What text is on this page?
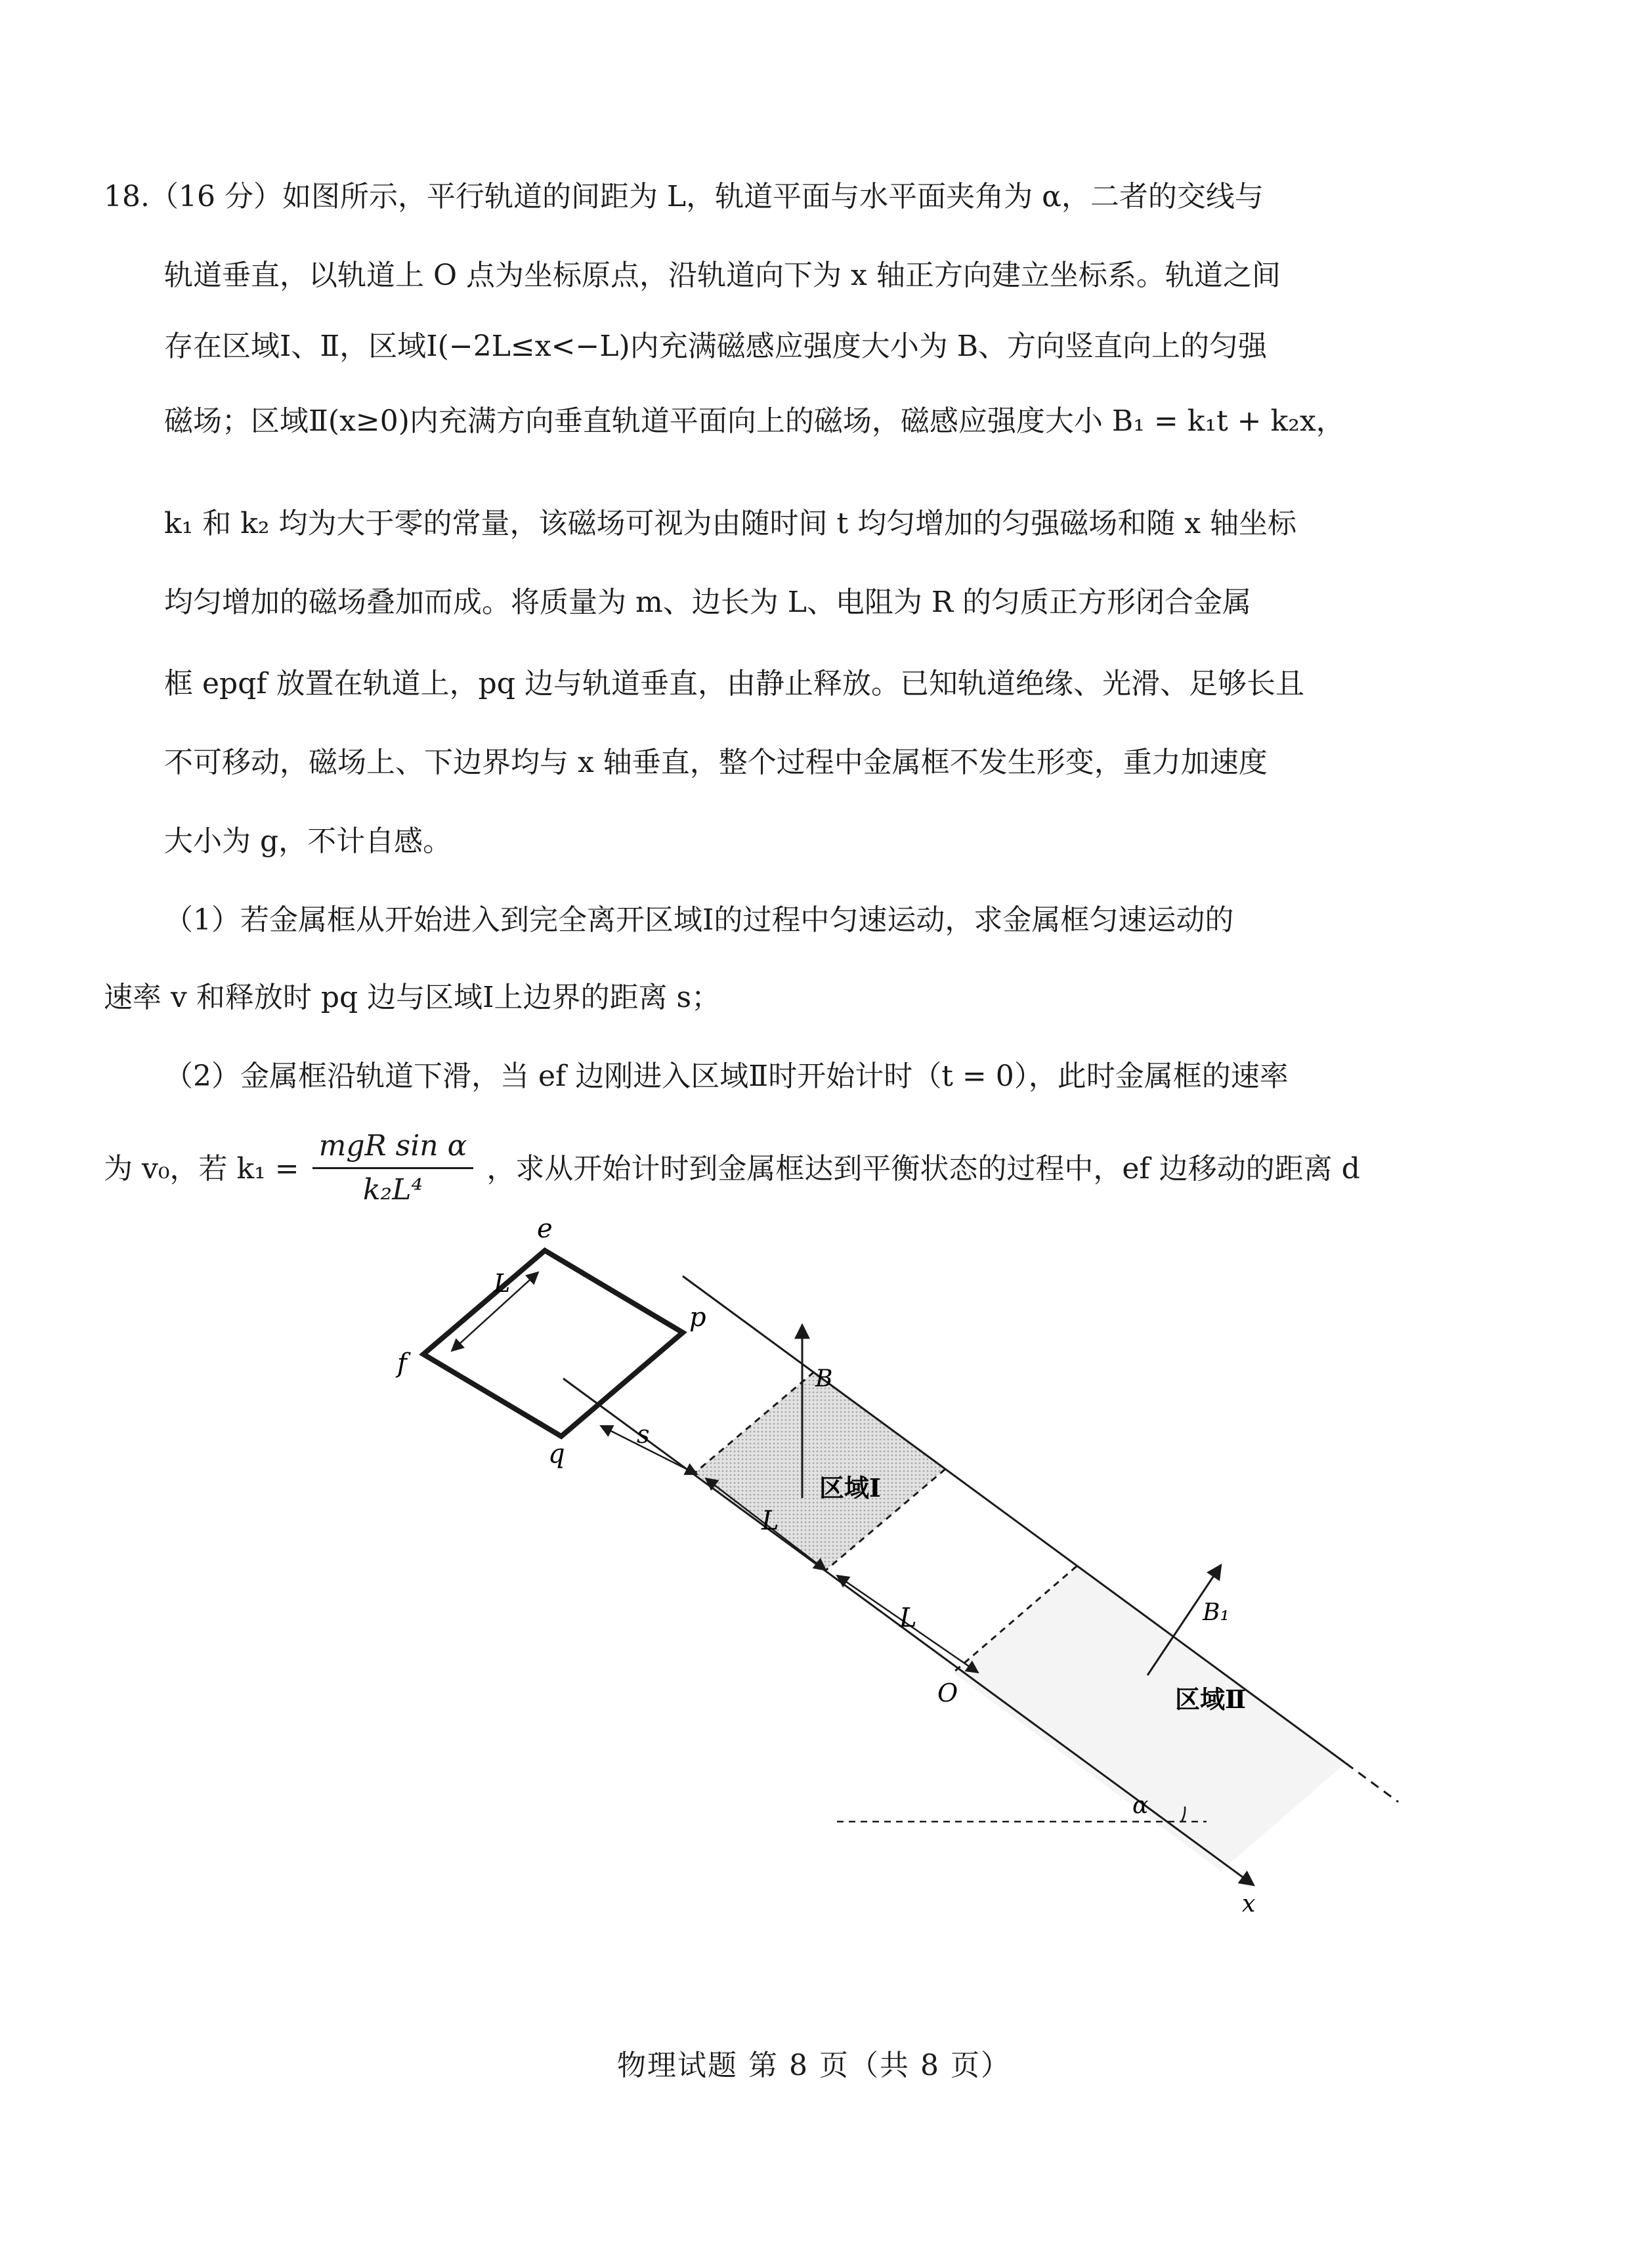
18.（16 分）如图所示，平行轨道的间距为 L，轨道平面与水平面夹角为 α，二者的交线与
轨道垂直，以轨道上 O 点为坐标原点，沿轨道向下为 x 轴正方向建立坐标系。轨道之间
存在区域Ⅰ、Ⅱ，区域Ⅰ(−2L≤x<−L)内充满磁感应强度大小为 B、方向竖直向上的匀强
磁场；区域Ⅱ(x≥0)内充满方向垂直轨道平面向上的磁场，磁感应强度大小 B₁ = k₁t + k₂x，
k₁ 和 k₂ 均为大于零的常量，该磁场可视为由随时间 t 均匀增加的匀强磁场和随 x 轴坐标
均匀增加的磁场叠加而成。将质量为 m、边长为 L、电阻为 R 的匀质正方形闭合金属
框 epqf 放置在轨道上，pq 边与轨道垂直，由静止释放。已知轨道绝缘、光滑、足够长且
不可移动，磁场上、下边界均与 x 轴垂直，整个过程中金属框不发生形变，重力加速度
大小为 g，不计自感。
（1）若金属框从开始进入到完全离开区域Ⅰ的过程中匀速运动，求金属框匀速运动的
速率 v 和释放时 pq 边与区域Ⅰ上边界的距离 s；
（2）金属框沿轨道下滑，当 ef 边刚进入区域Ⅱ时开始计时（t = 0），此时金属框的速率
为 v₀，若 $k_1 = \frac{\text{mgR sin α}}{\text{k₂L⁴}}$ ，求从开始计时到金属框达到平衡状态的过程中，ef 边移动的距离 d
e
f
p
q
L
s
L
L
B
B₁
区域Ⅰ
区域Ⅱ
O
α
x
物理试题 第 8 页（共 8 页）
